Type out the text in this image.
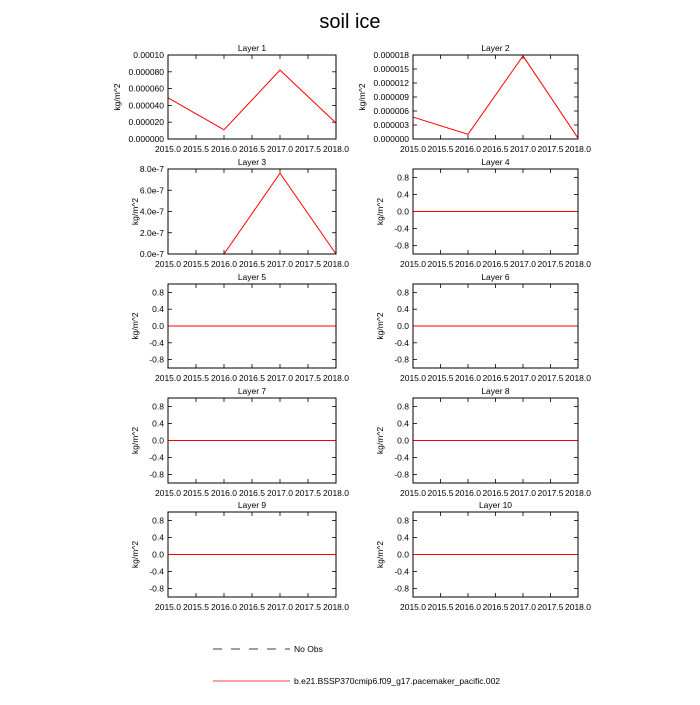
soil ice
Layer 1
2015.0 2015.5 2016.0 2016.5 2017.0 2017.5 2018.0
0.000000
0.000020
0.000040
0.000060
0.000080
0.00010
kg/m^2
Layer 2
2015.0 2015.5 2016.0 2016.5 2017.0 2017.5 2018.0
0.000000
0.000003
0.000006
0.000009
0.000012
0.000015
0.000018
kg/m^2
Layer 3
2015.0 2015.5 2016.0 2016.5 2017.0 2017.5 2018.0
0.0e-7
2.0e-7
4.0e-7
6.0e-7
8.0e-7
kg/m^2
Layer 4
2015.0 2015.5 2016.0 2016.5 2017.0 2017.5 2018.0
-0.8
-0.4
0.0
0.4
0.8
kg/m^2
Layer 5
2015.0 2015.5 2016.0 2016.5 2017.0 2017.5 2018.0
-0.8
-0.4
0.0
0.4
0.8
kg/m^2
Layer 6
2015.0 2015.5 2016.0 2016.5 2017.0 2017.5 2018.0
-0.8
-0.4
0.0
0.4
0.8
kg/m^2
Layer 7
2015.0 2015.5 2016.0 2016.5 2017.0 2017.5 2018.0
-0.8
-0.4
0.0
0.4
0.8
kg/m^2
Layer 8
2015.0 2015.5 2016.0 2016.5 2017.0 2017.5 2018.0
-0.8
-0.4
0.0
0.4
0.8
kg/m^2
Layer 9
2015.0 2015.5 2016.0 2016.5 2017.0 2017.5 2018.0
-0.8
-0.4
0.0
0.4
0.8
kg/m^2
Layer 10
2015.0 2015.5 2016.0 2016.5 2017.0 2017.5 2018.0
-0.8
-0.4
0.0
0.4
0.8
kg/m^2
No Obs
b.e21.BSSP370cmip6.f09_g17.pacemaker_pacific.002
